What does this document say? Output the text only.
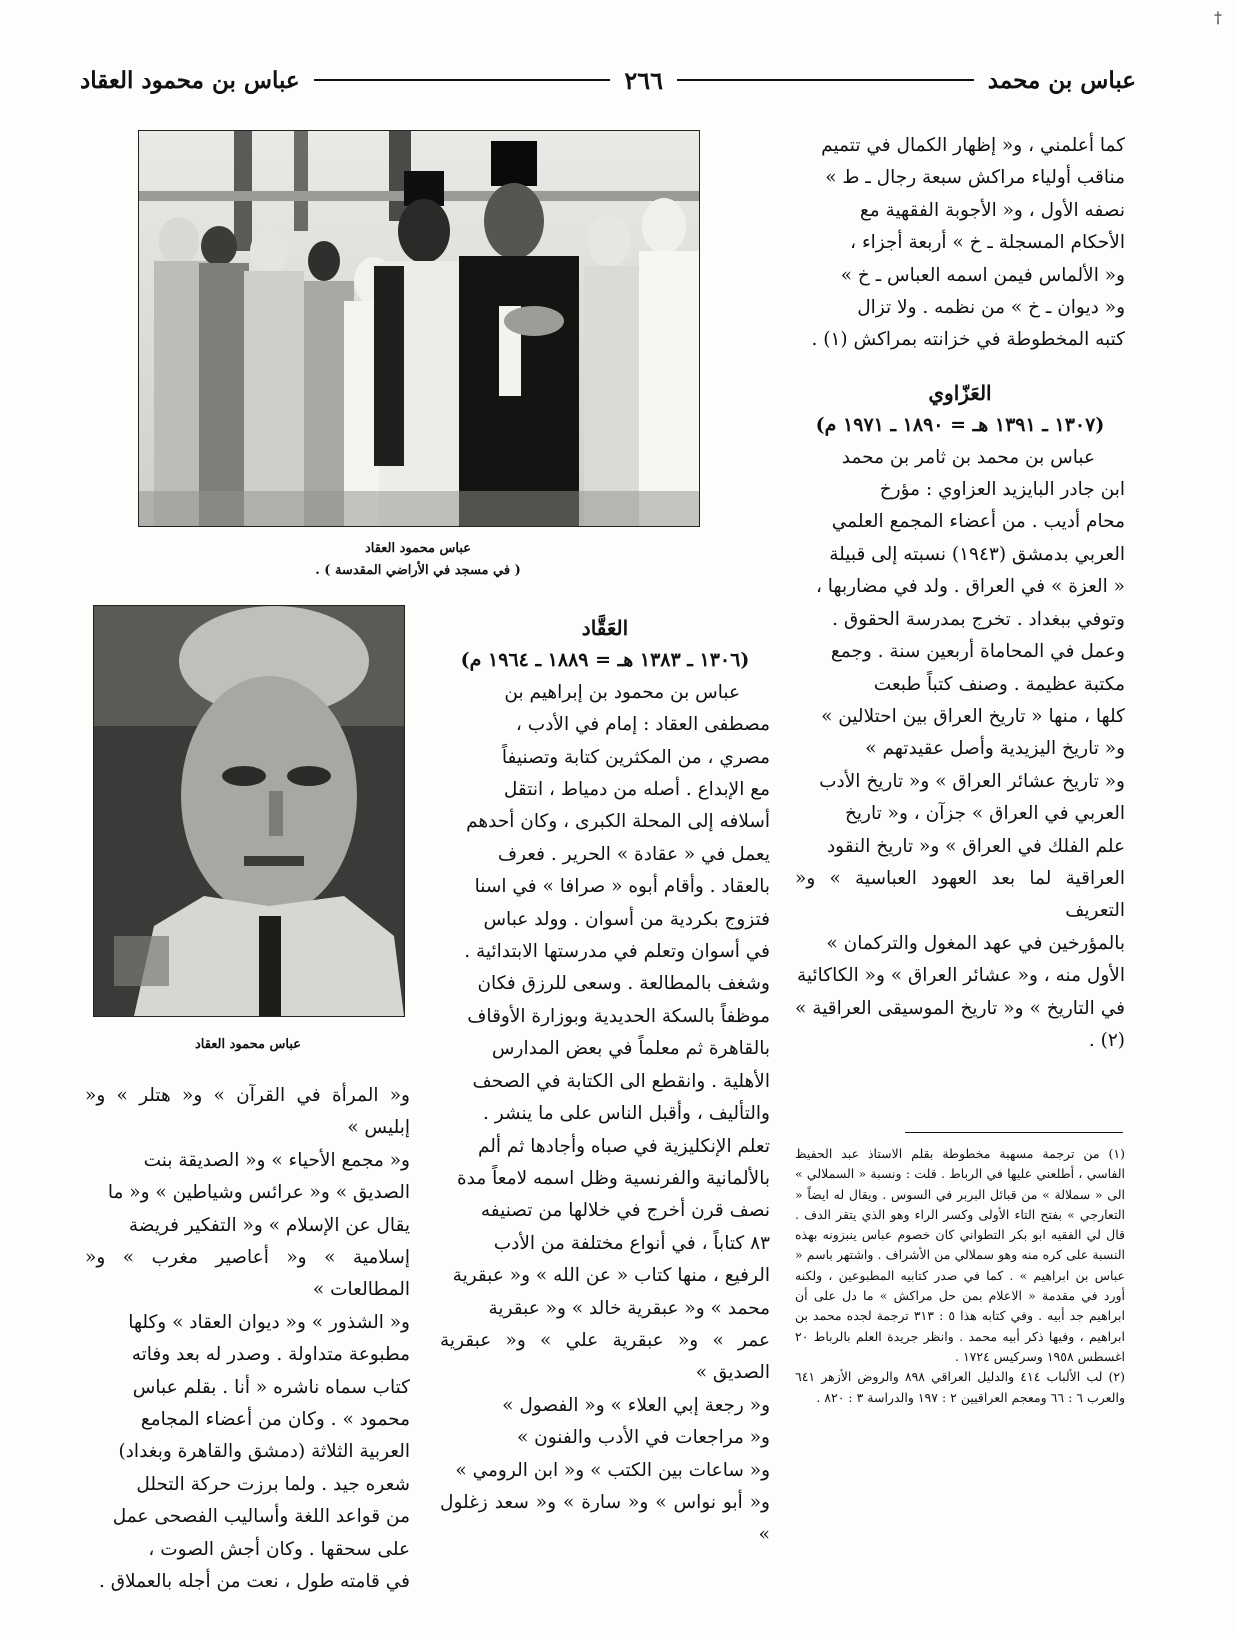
†
عباس بن محمد
٢٦٦
عباس بن محمود العقاد

كما أعلمني ، و« إظهار الكمال في تتميم

مناقب أولياء مراكش سبعة رجال ـ ط »

نصفه الأول ، و« الأجوبة الفقهية مع

الأحكام المسجلة ـ خ » أربعة أجزاء ،

و« الألماس فيمن اسمه العباس ـ خ »

و« ديوان ـ خ » من نظمه . ولا تزال

كتبه المخطوطة في خزانته بمراكش (١) .

العَزّاوي

(١٣٠٧ ـ ١٣٩١ هـ = ١٨٩٠ ـ ١٩٧١ م)

عباس بن محمد بن ثامر بن محمد

ابن جادر البايزيد العزاوي : مؤرخ

محام أديب . من أعضاء المجمع العلمي

العربي بدمشق (١٩٤٣) نسبته إلى قبيلة

« العزة » في العراق . ولد في مضاربها ،

وتوفي ببغداد . تخرج بمدرسة الحقوق .

وعمل في المحاماة أربعين سنة . وجمع

مكتبة عظيمة . وصنف كتباً طبعت

كلها ، منها « تاريخ العراق بين احتلالين »

و« تاريخ اليزيدية وأصل عقيدتهم »

و« تاريخ عشائر العراق » و« تاريخ الأدب

العربي في العراق » جزآن ، و« تاريخ

علم الفلك في العراق » و« تاريخ النقود

العراقية لما بعد العهود العباسية » و« التعريف

بالمؤرخين في عهد المغول والتركمان »

الأول منه ، و« عشائر العراق » و« الكاكائية

في التاريخ » و« تاريخ الموسيقى العراقية » (٢) .

عباس محمود العقاد
( في مسجد في الأراضي المقدسة ) .
عباس محمود العقاد

العَقَّاد

(١٣٠٦ ـ ١٣٨٣ هـ = ١٨٨٩ ـ ١٩٦٤ م)

عباس بن محمود بن إبراهيم بن

مصطفى العقاد : إمام في الأدب ،

مصري ، من المكثرين كتابة وتصنيفاً

مع الإبداع . أصله من دمياط ، انتقل

أسلافه إلى المحلة الكبرى ، وكان أحدهم

يعمل في « عقادة » الحرير . فعرف

بالعقاد . وأقام أبوه « صرافا » في اسنا

فتزوج بكردية من أسوان . وولد عباس

في أسوان وتعلم في مدرستها الابتدائية .

وشغف بالمطالعة . وسعى للرزق فكان

موظفاً بالسكة الحديدية وبوزارة الأوقاف

بالقاهرة ثم معلماً في بعض المدارس

الأهلية . وانقطع الى الكتابة في الصحف

والتأليف ، وأقبل الناس على ما ينشر .

تعلم الإنكليزية في صباه وأجادها ثم ألم

بالألمانية والفرنسية وظل اسمه لامعاً مدة

نصف قرن أخرج في خلالها من تصنيفه

٨٣ كتاباً ، في أنواع مختلفة من الأدب

الرفيع ، منها كتاب « عن الله » و« عبقرية

محمد » و« عبقرية خالد » و« عبقرية

عمر » و« عبقرية علي » و« عبقرية الصديق »

و« رجعة إبي العلاء » و« الفصول »

و« مراجعات في الأدب والفنون »

و« ساعات بين الكتب » و« ابن الرومي »

و« أبو نواس » و« سارة » و« سعد زغلول »

و« المرأة في القرآن » و« هتلر » و« إبليس »

و« مجمع الأحياء » و« الصديقة بنت

الصديق » و« عرائس وشياطين » و« ما

يقال عن الإسلام » و« التفكير فريضة

إسلامية » و« أعاصير مغرب » و« المطالعات »

و« الشذور » و« ديوان العقاد » وكلها

مطبوعة متداولة . وصدر له بعد وفاته

كتاب سماه ناشره « أنا . بقلم عباس

محمود » . وكان من أعضاء المجامع

العربية الثلاثة (دمشق والقاهرة وبغداد)

شعره جيد . ولما برزت حركة التحلل

من قواعد اللغة وأساليب الفصحى عمل

على سحقها . وكان أجش الصوت ،

في قامته طول ، نعت من أجله بالعملاق .

(١) من ترجمة مسهبة مخطوطة بقلم الاستاذ عبد الحفيظ الفاسي ، أطلعني عليها في الرباط . قلت : ونسبة « السملالي » الى « سملالة » من قبائل البربر في السوس . ويقال له ايضاً « التعارجي » بفتح التاء الأولى وكسر الراء وهو الذي يتقر الدف . قال لي الفقيه ابو بكر التطواني كان خصوم عباس ينبزونه بهذه النسبة على كره منه وهو سملالي من الأشراف . واشتهر باسم « عباس بن ابراهيم » . كما في صدر كتابيه المطبوعين ، ولكنه أورد في مقدمة « الاعلام بمن حل مراكش » ما دل على أن ابراهيم جد أبيه . وفي كتابه هذا ٥ : ٣١٣ ترجمة لجده محمد بن ابراهيم ، وفيها ذكر أبيه محمد . وانظر جريدة العلم بالرباط ٢٠ اغسطس ١٩٥٨ وسركيس ١٧٢٤ .

(٢) لب الألباب ٤١٤ والدليل العراقي ٨٩٨ والروض الأزهر ٦٤١ والعرب ٦ : ٦٦ ومعجم العراقيين ٢ : ١٩٧ والدراسة ٣ : ٨٢٠ .
